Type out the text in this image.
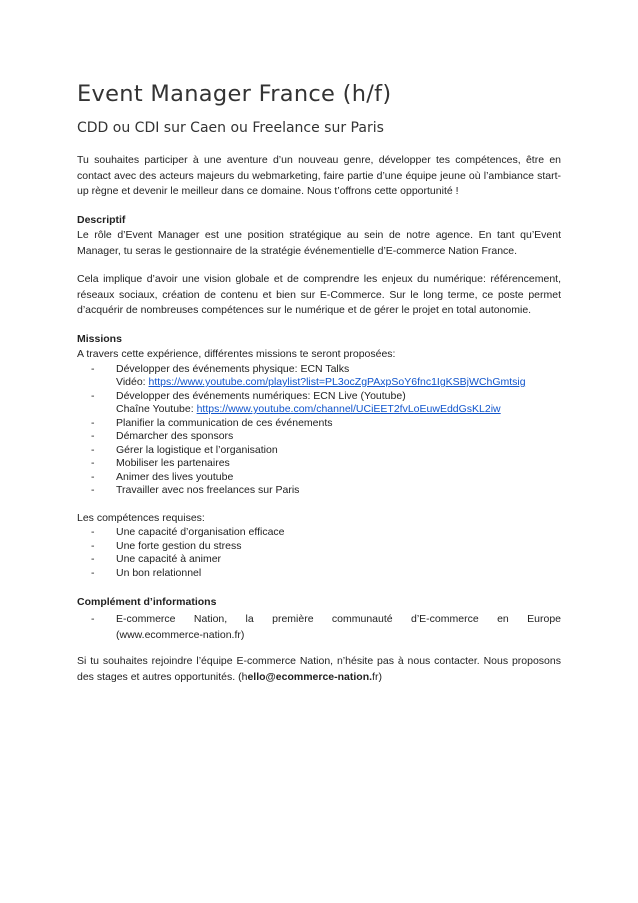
Event Manager France (h/f)
CDD ou CDI sur Caen ou Freelance sur Paris

Tu souhaites participer à une aventure d’un nouveau genre, développer tes compétences, être en contact avec des acteurs majeurs du webmarketing, faire partie d’une équipe jeune où l’ambiance start-up règne et devenir le meilleur dans ce domaine. Nous t’offrons cette opportunité !

Descriptif

Le rôle d’Event Manager est une position stratégique au sein de notre agence. En tant qu’Event Manager, tu seras le gestionnaire de la stratégie événementielle d’E-commerce Nation France.

Cela implique d’avoir une vision globale et de comprendre les enjeux du numérique: référencement, réseaux sociaux, création de contenu et bien sur E-Commerce. Sur le long terme, ce poste permet d’acquérir de nombreuses compétences sur le numérique et de gérer le projet en total autonomie.

Missions

A travers cette expérience, différentes missions te seront proposées:

- Développer des événements physique: ECN Talks
Vidéo: https://www.youtube.com/playlist?list=PL3ocZgPAxpSoY6fnc1IgKSBjWChGmtsig
- Développer des événements numériques: ECN Live (Youtube)
Chaîne Youtube: https://www.youtube.com/channel/UCiEET2fvLoEuwEddGsKL2iw
- Planifier la communication de ces événements
- Démarcher des sponsors
- Gérer la logistique et l’organisation
- Mobiliser les partenaires
- Animer des lives youtube
- Travailler avec nos freelances sur Paris

Les compétences requises:

- Une capacité d’organisation efficace
- Une forte gestion du stress
- Une capacité à animer
- Un bon relationnel
Complément d’informations
- E-commerce Nation, la première communauté d’E-commerce en Europe
(www.ecommerce-nation.fr)

Si tu souhaites rejoindre l’équipe E-commerce Nation, n’hésite pas à nous contacter. Nous proposons des stages et autres opportunités. (hello@ecommerce-nation.fr)
